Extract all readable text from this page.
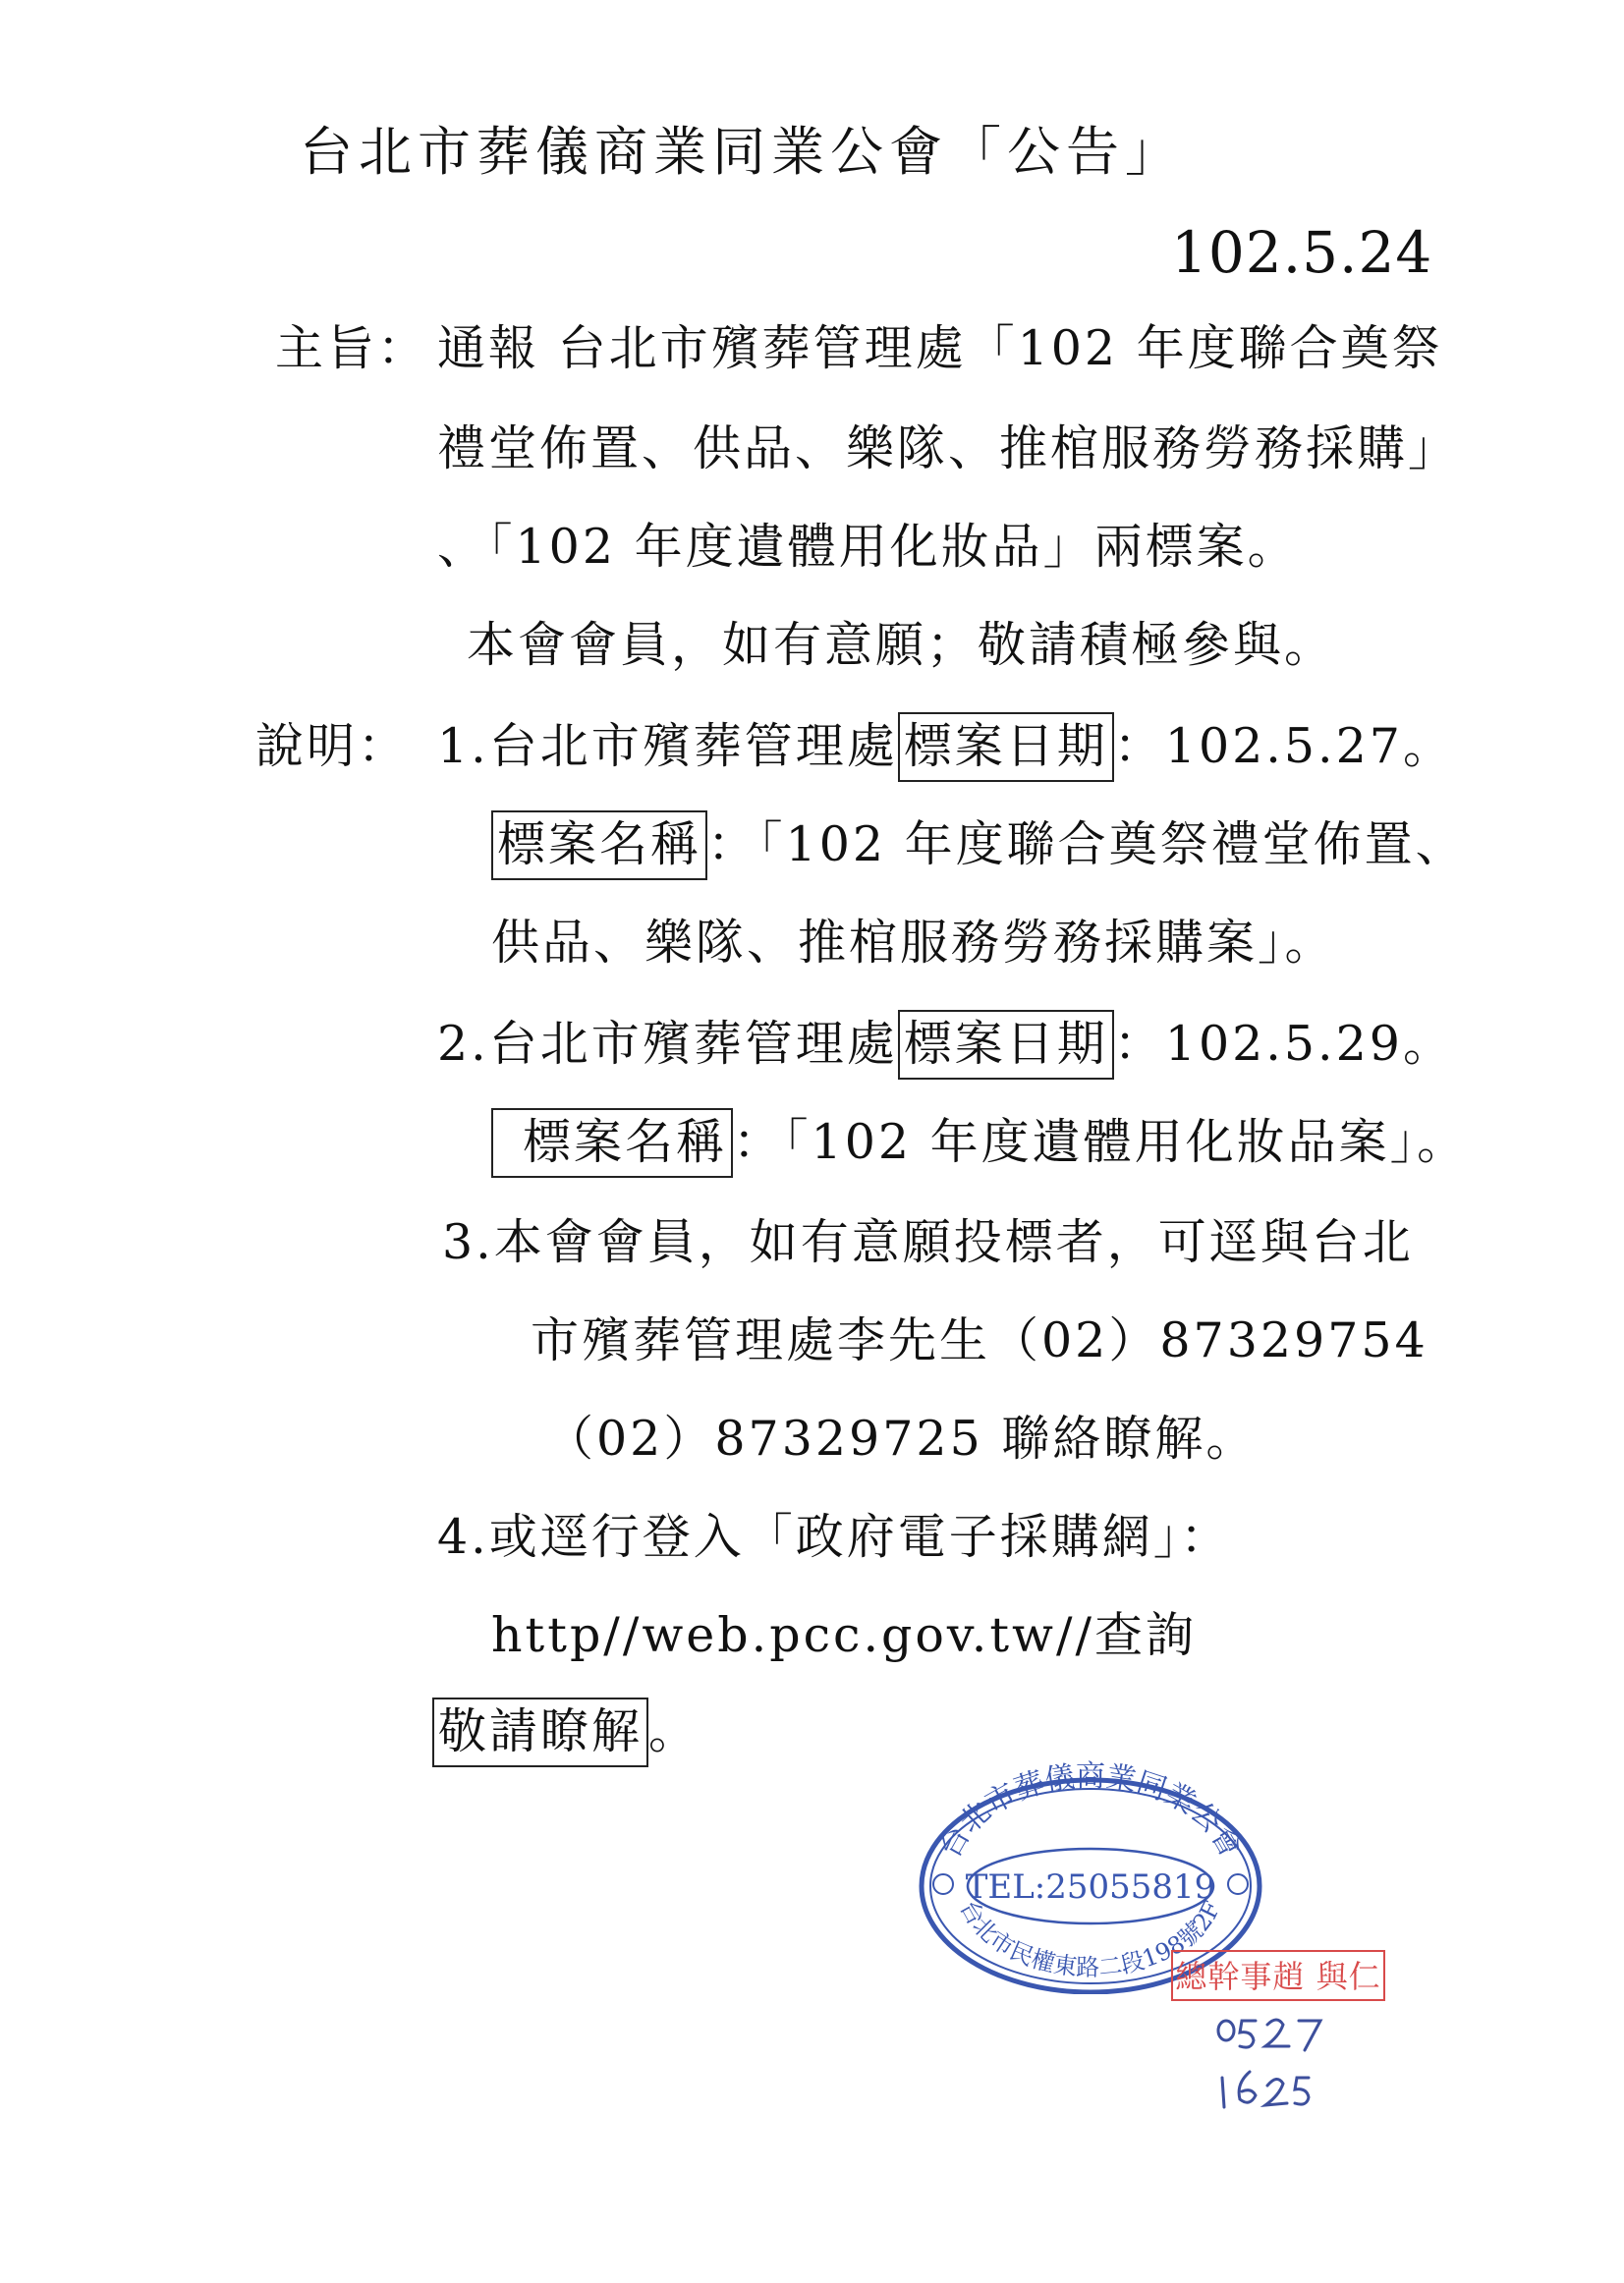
台北市葬儀商業同業公會「公告」
102.5.24
主旨： 通報 台北市殯葬管理處「102 年度聯合奠祭
禮堂佈置、供品、樂隊、推棺服務勞務採購」
、「102 年度遺體用化妝品」兩標案。
本會會員，如有意願；敬請積極參與。
說明： 1.台北市殯葬管理處 標案日期 ：102.5.27。
標案名稱 ：「102 年度聯合奠祭禮堂佈置、
供品、樂隊、推棺服務勞務採購案」。
2.台北市殯葬管理處 標案日期 ：102.5.29。
標案名稱 ：「102 年度遺體用化妝品案」。
3.本會會員，如有意願投標者，可逕與台北
市殯葬管理處李先生（02）87329754
（02）87329725 聯絡瞭解。
4.或逕行登入「政府電子採購網」：
http//web.pcc.gov.tw//查詢
敬請瞭解 。
台北市葬儀商業同業公會
TEL:25055819
台北市民權東路二段198號2F
總幹事趙 與仁
